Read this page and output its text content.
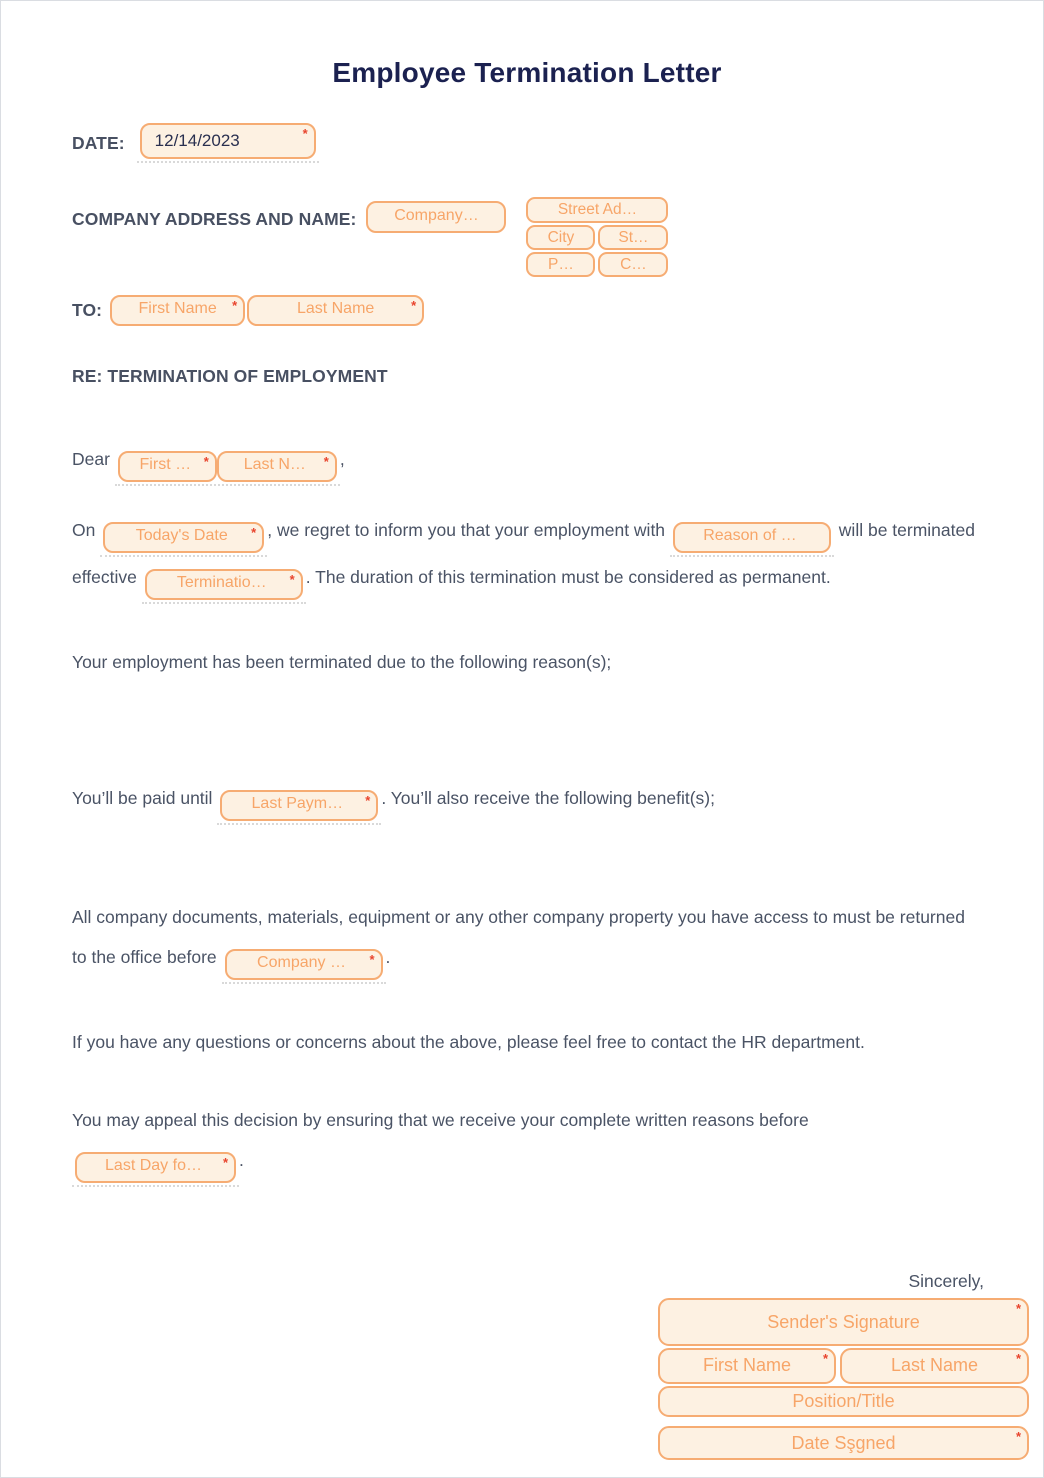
Employee Termination Letter
DATE:	12/14/2023	*
COMPANY ADDRESS AND NAME:	Company…	Street Ad…
City	St…
P…	C…
TO:	First Name	*	Last Name	*
RE: TERMINATION OF EMPLOYMENT
Dear	First … *	Last N…	* ,
On	Today's Date	* , we regret to inform you that your employment with	Reason of …	will be terminated effective	Terminatio…	* . The duration of this termination must be considered as permanent.
Your employment has been terminated due to the following reason(s);
You’ll be paid until	Last Paym…	* . You’ll also receive the following benefit(s);
All company documents, materials, equipment or any other company property you have access to must be returned to the office before	Company …	* .
If you have any questions or concerns about the above, please feel free to contact the HR department.
You may appeal this decision by ensuring that we receive your complete written reasons before

Last Day fo…	* .
Sincerely,
Sender's Signature
*
First Name	*	Last Name	*
Position/Title
Date Sşgned	*
